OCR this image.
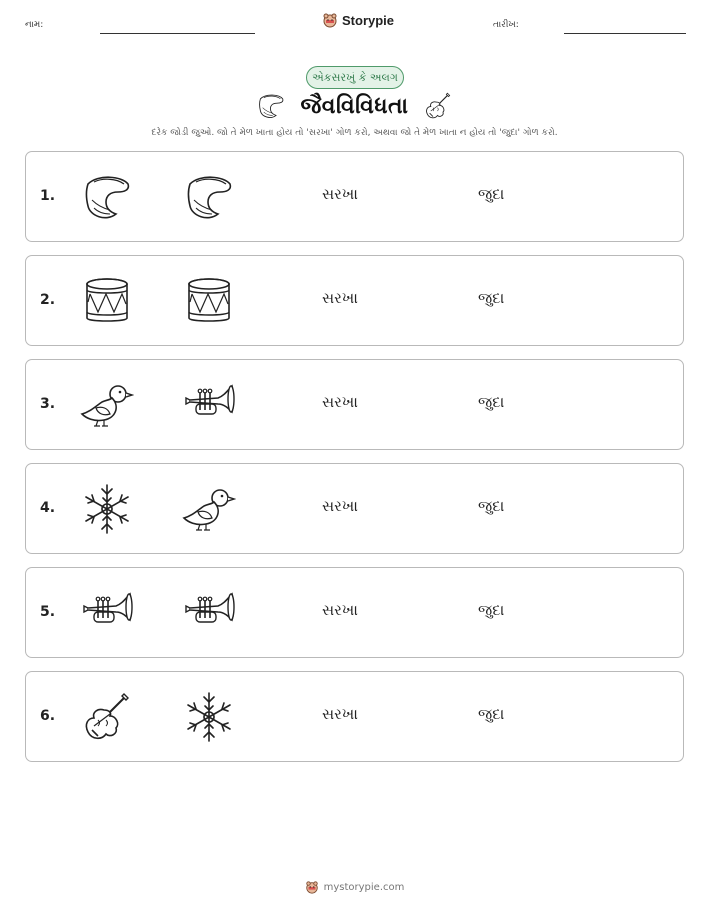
નામ:	Storypie	તારીખ:
એકસરખું કે અલગ
જૈવવિવિધતા
દરેક જોડી જુઓ. જો તે મેળ ખાતા હોય તો 'સરખા' ગોળ કરો, અથવા જો તે મેળ ખાતા ન હોય તો 'જુદા' ગોળ કરો.
1.	સરખા	જુદા
2.	સરખા	જુદા
3.	સરખા	જુદા
4.	સરખા	જુદા
5.	સરખા	જુદા
6.	સરખા	જુદા
mystorypie.com
